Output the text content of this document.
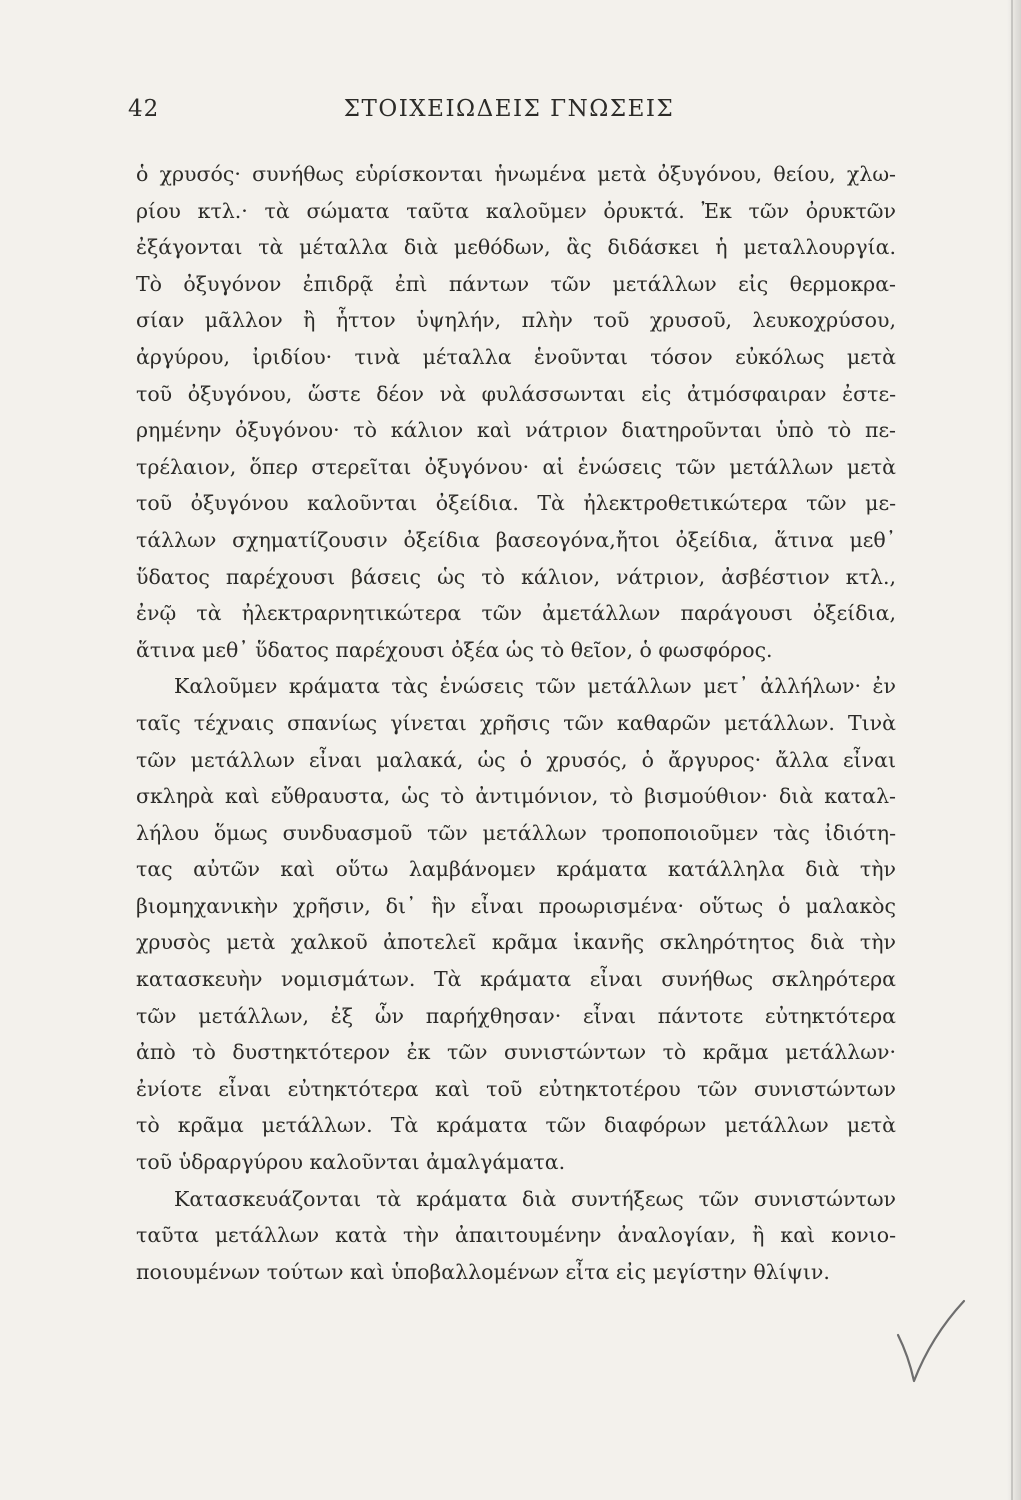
42	ΣΤΟΙΧΕΙΩΔΕΙΣ ΓΝΩΣΕΙΣ
ὁ χρυσός· συνήθως εὑρίσκονται ἡνωμένα μετὰ ὀξυγόνου, θείου, χλω-
ρίου κτλ.· τὰ σώματα ταῦτα καλοῦμεν ὀρυκτά. Ἐκ τῶν ὀρυκτῶν
ἐξάγονται τὰ μέταλλα διὰ μεθόδων, ἃς διδάσκει ἡ μεταλλουργία.
Τὸ ὀξυγόνον ἐπιδρᾷ ἐπὶ πάντων τῶν μετάλλων εἰς θερμοκρα-
σίαν μᾶλλον ἢ ἧττον ὑψηλήν, πλὴν τοῦ χρυσοῦ, λευκοχρύσου,
ἀργύρου, ἰριδίου· τινὰ μέταλλα ἑνοῦνται τόσον εὐκόλως μετὰ
τοῦ ὀξυγόνου, ὥστε δέον νὰ φυλάσσωνται εἰς ἀτμόσφαιραν ἐστε-
ρημένην ὀξυγόνου· τὸ κάλιον καὶ νάτριον διατηροῦνται ὑπὸ τὸ πε-
τρέλαιον, ὅπερ στερεῖται ὀξυγόνου· αἱ ἑνώσεις τῶν μετάλλων μετὰ
τοῦ ὀξυγόνου καλοῦνται ὀξείδια. Τὰ ἠλεκτροθετικώτερα τῶν με-
τάλλων σχηματίζουσιν ὀξείδια βασεογόνα,ἤτοι ὀξείδια, ἅτινα μεθ᾽
ὕδατος παρέχουσι βάσεις ὡς τὸ κάλιον, νάτριον, ἀσβέστιον κτλ.,
ἐνῷ τὰ ἠλεκτραρνητικώτερα τῶν ἀμετάλλων παράγουσι ὀξείδια,
ἅτινα μεθ᾽ ὕδατος παρέχουσι ὀξέα ὡς τὸ θεῖον, ὁ φωσφόρος.
Καλοῦμεν κράματα τὰς ἑνώσεις τῶν μετάλλων μετ᾽ ἀλλήλων· ἐν
ταῖς τέχναις σπανίως γίνεται χρῆσις τῶν καθαρῶν μετάλλων. Τινὰ
τῶν μετάλλων εἶναι μαλακά, ὡς ὁ χρυσός, ὁ ἄργυρος· ἄλλα εἶναι
σκληρὰ καὶ εὔθραυστα, ὡς τὸ ἀντιμόνιον, τὸ βισμούθιον· διὰ καταλ-
λήλου ὅμως συνδυασμοῦ τῶν μετάλλων τροποποιοῦμεν τὰς ἰδιότη-
τας αὐτῶν καὶ οὕτω λαμβάνομεν κράματα κατάλληλα διὰ τὴν
βιομηχανικὴν χρῆσιν, δι᾽ ἣν εἶναι προωρισμένα· οὕτως ὁ μαλακὸς
χρυσὸς μετὰ χαλκοῦ ἀποτελεῖ κρᾶμα ἱκανῆς σκληρότητος διὰ τὴν
κατασκευὴν νομισμάτων. Τὰ κράματα εἶναι συνήθως σκληρότερα
τῶν μετάλλων, ἐξ ὧν παρήχθησαν· εἶναι πάντοτε εὐτηκτότερα
ἀπὸ τὸ δυστηκτότερον ἐκ τῶν συνιστώντων τὸ κρᾶμα μετάλλων·
ἐνίοτε εἶναι εὐτηκτότερα καὶ τοῦ εὐτηκτοτέρου τῶν συνιστώντων
τὸ κρᾶμα μετάλλων. Τὰ κράματα τῶν διαφόρων μετάλλων μετὰ
τοῦ ὑδραργύρου καλοῦνται ἀμαλγάματα.
Κατασκευάζονται τὰ κράματα διὰ συντήξεως τῶν συνιστώντων
ταῦτα μετάλλων κατὰ τὴν ἀπαιτουμένην ἀναλογίαν, ἢ καὶ κονιο-
ποιουμένων τούτων καὶ ὑποβαλλομένων εἶτα εἰς μεγίστην θλίψιν.
